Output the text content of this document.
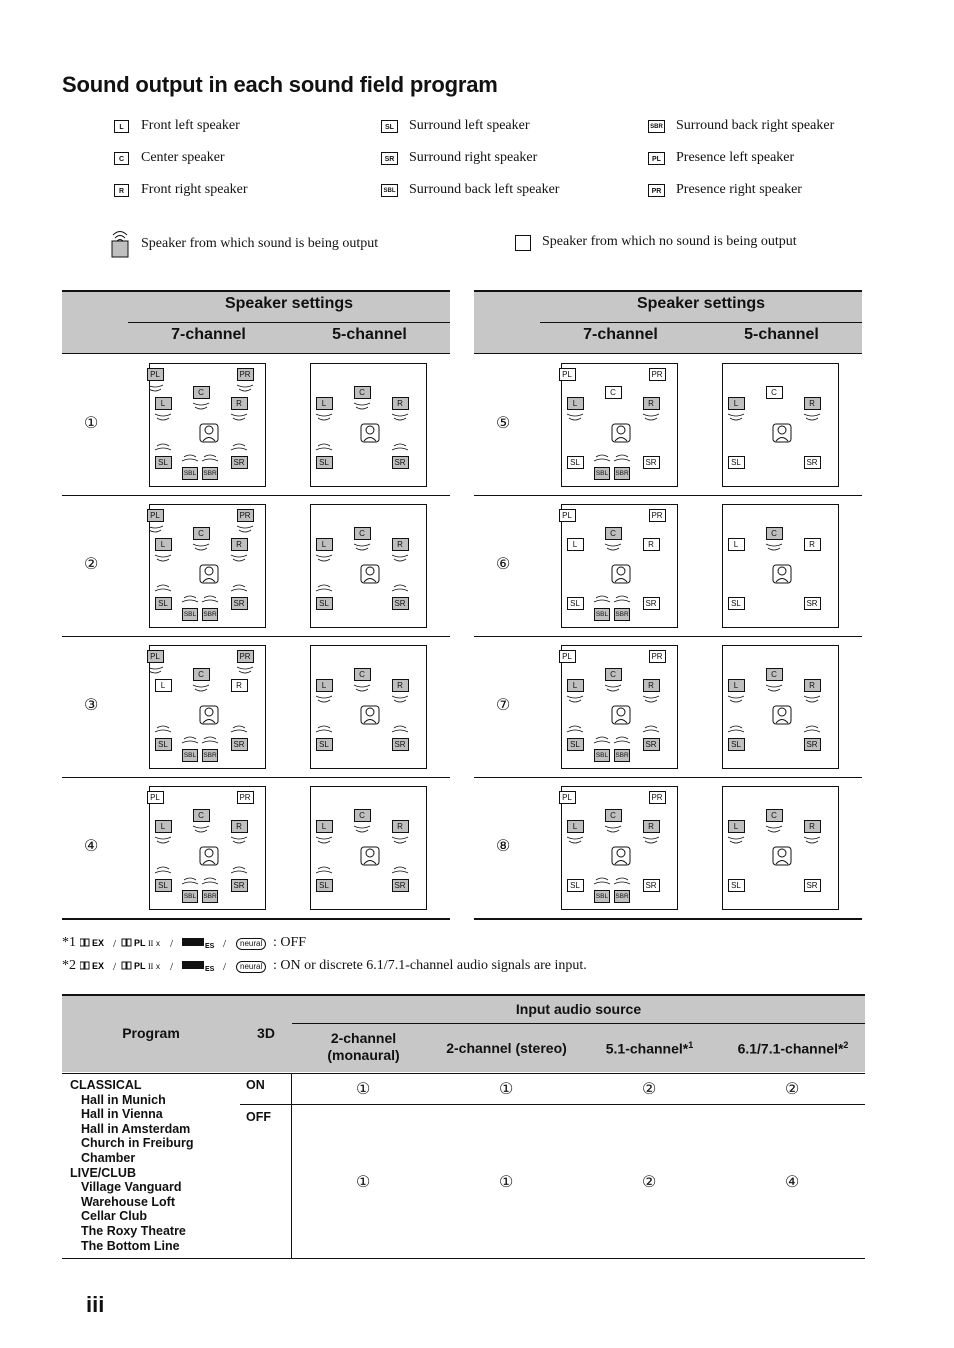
Sound output in each sound field program
L	Front left speaker
C	Center speaker
R	Front right speaker
SL Surround left speaker
SR Surround right speaker
SBL Surround back left speaker
SBR Surround back right speaker
PL Presence left speaker
PR Presence right speaker
Speaker from which sound is being output	Speaker from which no sound is being output
Speaker settings
7-channel	5-channel
①
PL	PR
C
L	R
SL	SR
SBL SBR
C
L	R
SL	SR
②
PL	PR
C
L	R
SL	SR
SBL SBR
C
L	R
SL	SR
③
PL	PR
C
L	R
SL	SR
SBL SBR
C
L	R
SL	SR
④
PL	PR
C
L	R
SL	SR
SBL SBR
C
L	R
SL	SR
Speaker settings
7-channel	5-channel
⑤
PL	PR
C
L	R
SL	SR
SBL SBR
C
L	R
SL	SR
⑥
PL	PR
C
L	R
SL	SR
SBL SBR
C
L	R
SL	SR
⑦
PL	PR
C
L	R
SL	SR
SBL SBR
C
L	R
SL	SR
⑧
PL	PR
C
L	R
SL	SR
SBL SBR
C
L	R
SL	SR
*1 EX / PL II x /	ES /	neural : OFF
*2 EX / PL II x /	ES /	neural : ON or discrete 6.1/7.1-channel audio signals are input.
Program	3D
Input audio source
2-channel
(monaural)	2-channel (stereo)	5.1-channel*$^1$	6.1/7.1-channel*$^2$
CLASSICAL
Hall in Munich
Hall in Vienna
Hall in Amsterdam
Church in Freiburg
Chamber
LIVE/CLUB
Village Vanguard
Warehouse Loft
Cellar Club
The Roxy Theatre
The Bottom Line
ON
OFF
①	①	②	②
①	①	②	④
iii
